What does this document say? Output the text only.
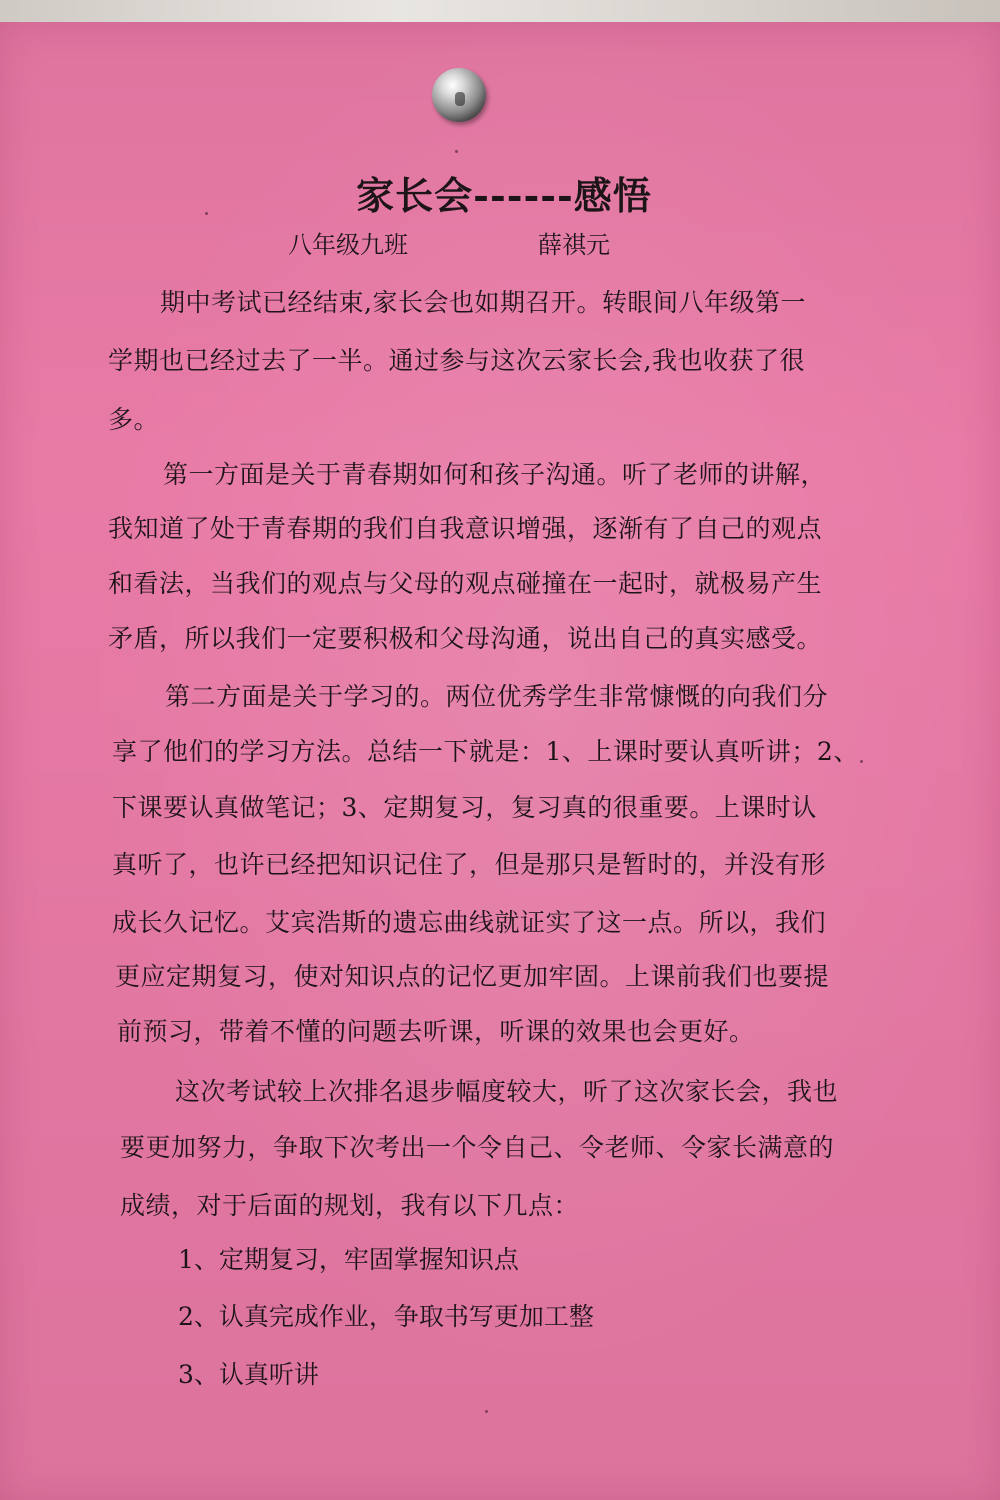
家长会------感悟
八年级九班	薛祺元
期中考试已经结束,家长会也如期召开。转眼间八年级第一
学期也已经过去了一半。通过参与这次云家长会,我也收获了很
多。
第一方面是关于青春期如何和孩子沟通。听了老师的讲解，
我知道了处于青春期的我们自我意识增强，逐渐有了自己的观点
和看法，当我们的观点与父母的观点碰撞在一起时，就极易产生
矛盾，所以我们一定要积极和父母沟通，说出自己的真实感受。
第二方面是关于学习的。两位优秀学生非常慷慨的向我们分
享了他们的学习方法。总结一下就是：1、上课时要认真听讲；2、
下课要认真做笔记；3、定期复习，复习真的很重要。上课时认
真听了，也许已经把知识记住了，但是那只是暂时的，并没有形
成长久记忆。艾宾浩斯的遗忘曲线就证实了这一点。所以，我们
更应定期复习，使对知识点的记忆更加牢固。上课前我们也要提
前预习，带着不懂的问题去听课，听课的效果也会更好。
这次考试较上次排名退步幅度较大，听了这次家长会，我也
要更加努力，争取下次考出一个令自己、令老师、令家长满意的
成绩，对于后面的规划，我有以下几点：
1、定期复习，牢固掌握知识点
2、认真完成作业，争取书写更加工整
3、认真听讲
